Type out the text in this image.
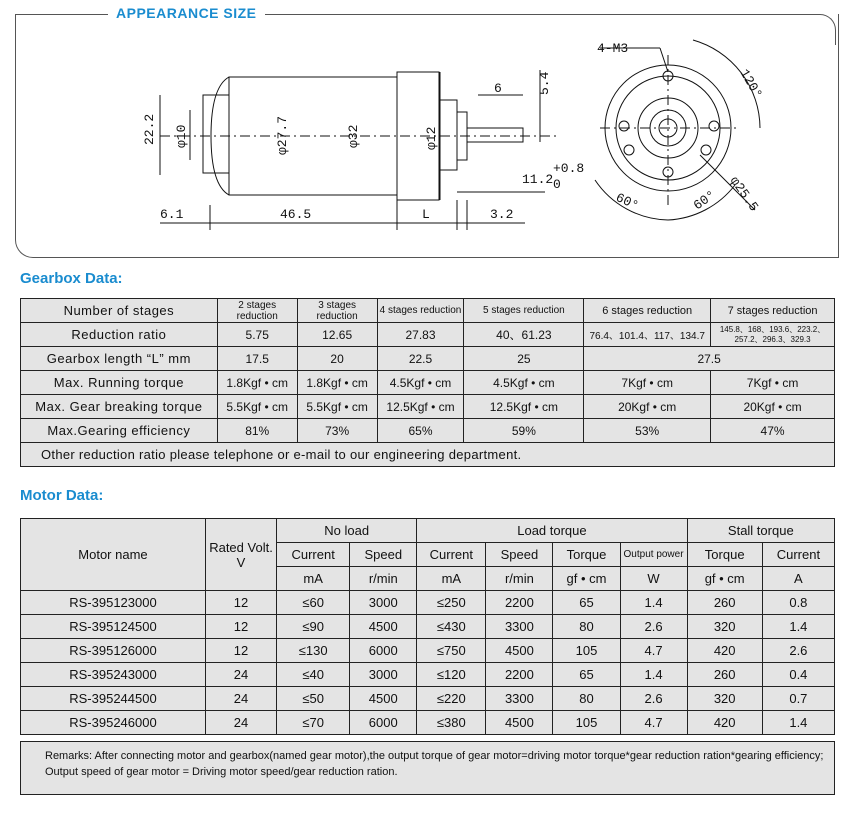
APPEARANCE SIZE
22.2 φ10	φ27.7	φ32	φ12
6	5.4
11.2
+0.8
0
6.1	46.5	L	3.2
4-M3
120°
60°	60° φ25.5
Gearbox Data:
Number of stages	2 stages reduction	3 stages reduction	4 stages reduction	5 stages reduction	6 stages reduction	7 stages reduction
Reduction ratio	5.75	12.65	27.83	40、61.23	76.4、101.4、117、134.7	145.8、168、193.6、223.2、257.2、296.3、329.3
Gearbox length “L” mm	17.5	20	22.5	25	27.5	
Max. Running torque	1.8Kgf • cm	1.8Kgf • cm	4.5Kgf • cm	4.5Kgf • cm	7Kgf • cm	7Kgf • cm
Max. Gear breaking torque	5.5Kgf • cm	5.5Kgf • cm	12.5Kgf • cm	12.5Kgf • cm	20Kgf • cm	20Kgf • cm
Max.Gearing efficiency	81%	73%	65%	59%	53%	47%
Other reduction ratio please telephone or e-mail to our engineering department.						
Motor Data:
Motor name	Rated Volt. V	No load		Load torque				Stall torque	
		Current	Speed	Current	Speed	Torque	Output power	Torque	Current
		mA	r/min	mA	r/min	gf • cm	W	gf • cm	A
RS-395123000	12	≤60	3000	≤250	2200	65	1.4	260	0.8
RS-395124500	12	≤90	4500	≤430	3300	80	2.6	320	1.4
RS-395126000	12	≤130	6000	≤750	4500	105	4.7	420	2.6
RS-395243000	24	≤40	3000	≤120	2200	65	1.4	260	0.4
RS-395244500	24	≤50	4500	≤220	3300	80	2.6	320	0.7
RS-395246000	24	≤70	6000	≤380	4500	105	4.7	420	1.4
Remarks: After connecting motor and gearbox(named gear motor),the output torque of gear motor=driving motor torque*gear reduction ration*gearing efficiency; Output speed of gear motor = Driving motor speed/gear reduction ration.
